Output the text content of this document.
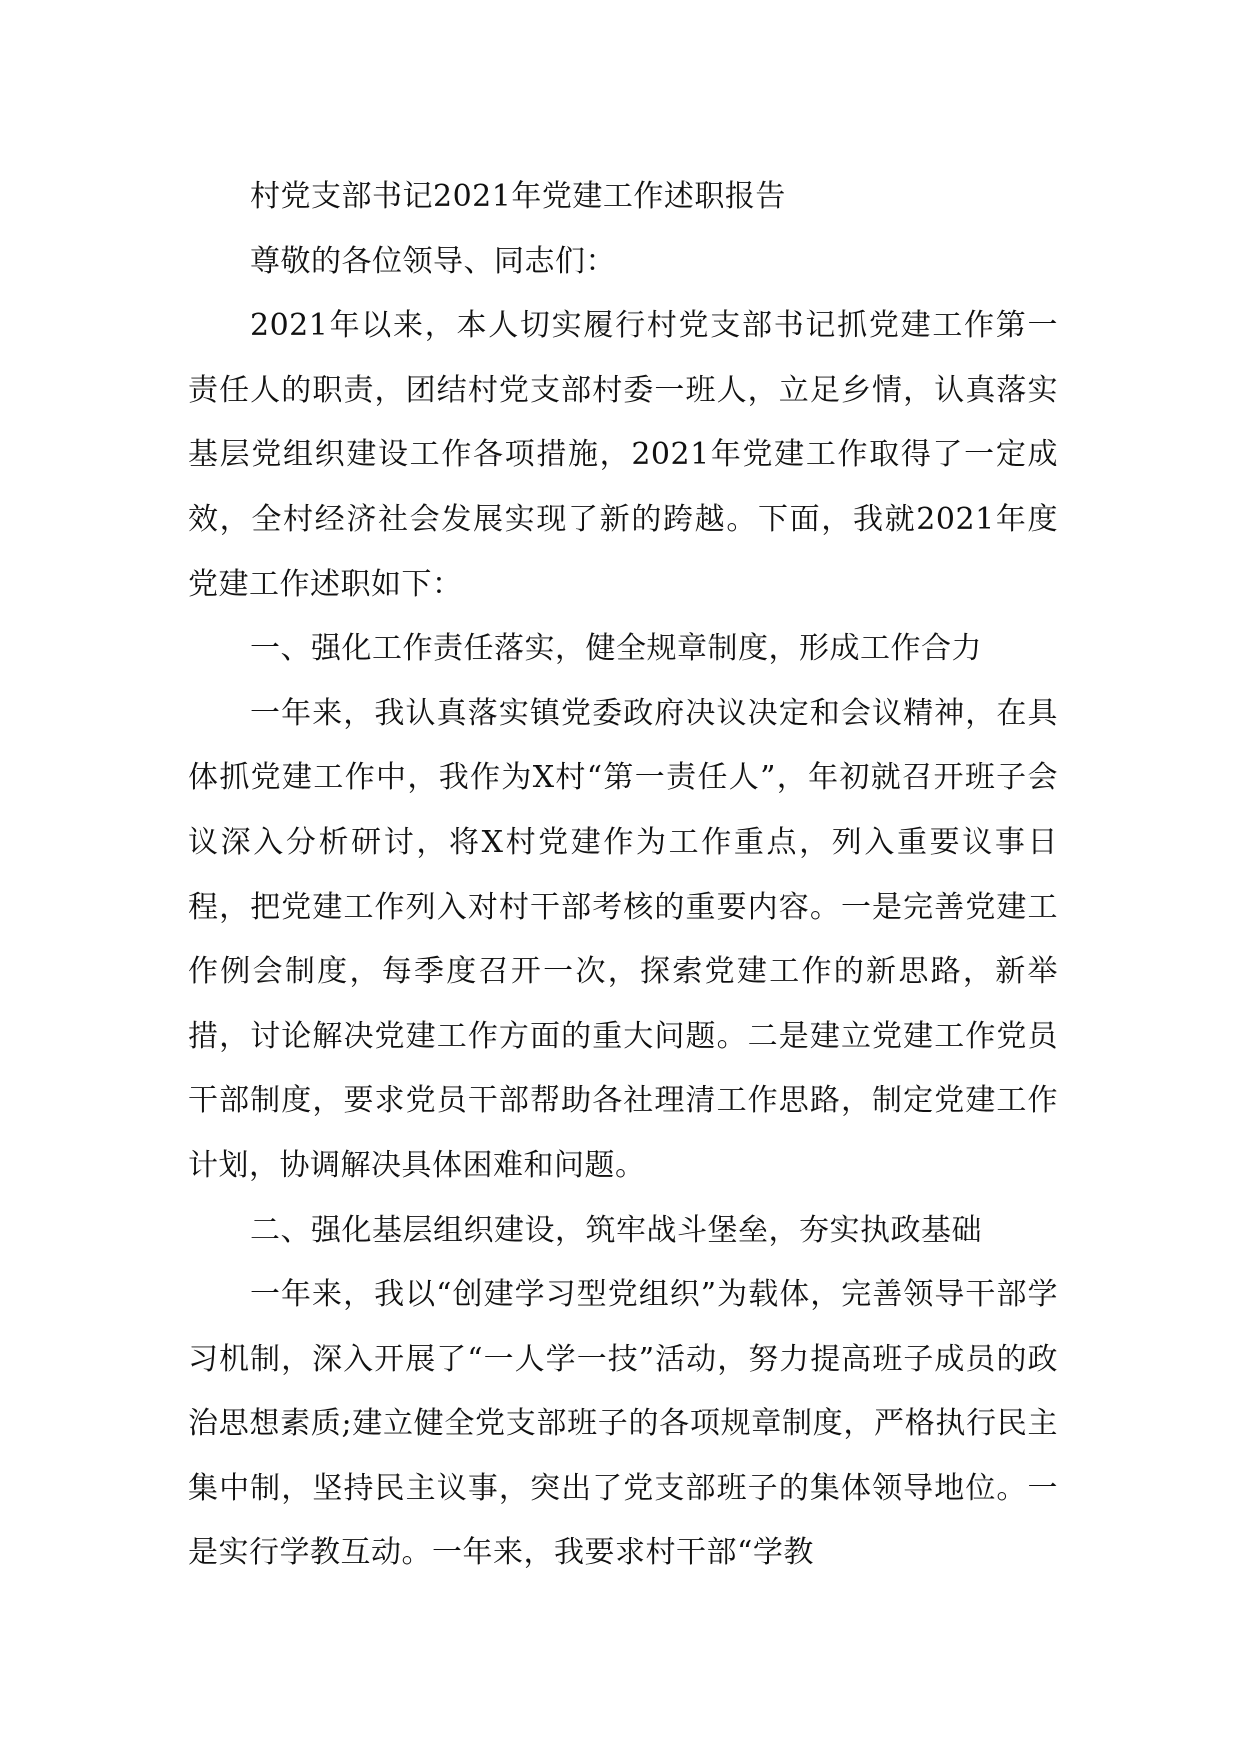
村党支部书记2021年党建工作述职报告

尊敬的各位领导、同志们：

2021年以来，本人切实履行村党支部书记抓党建工作第一责任人的职责，团结村党支部村委一班人，立足乡情，认真落实基层党组织建设工作各项措施，2021年党建工作取得了一定成效，全村经济社会发展实现了新的跨越。下面，我就2021年度党建工作述职如下：

一、强化工作责任落实，健全规章制度，形成工作合力

一年来，我认真落实镇党委政府决议决定和会议精神，在具体抓党建工作中，我作为X村“第一责任人”，年初就召开班子会议深入分析研讨，将X村党建作为工作重点，列入重要议事日程，把党建工作列入对村干部考核的重要内容。一是完善党建工作例会制度，每季度召开一次，探索党建工作的新思路，新举措，讨论解决党建工作方面的重大问题。二是建立党建工作党员干部制度，要求党员干部帮助各社理清工作思路，制定党建工作计划，协调解决具体困难和问题。

二、强化基层组织建设，筑牢战斗堡垒，夯实执政基础

一年来，我以“创建学习型党组织”为载体，完善领导干部学习机制，深入开展了“一人学一技”活动，努力提高班子成员的政治思想素质;建立健全党支部班子的各项规章制度，严格执行民主集中制，坚持民主议事，突出了党支部班子的集体领导地位。一是实行学教互动。一年来，我要求村干部“学教
